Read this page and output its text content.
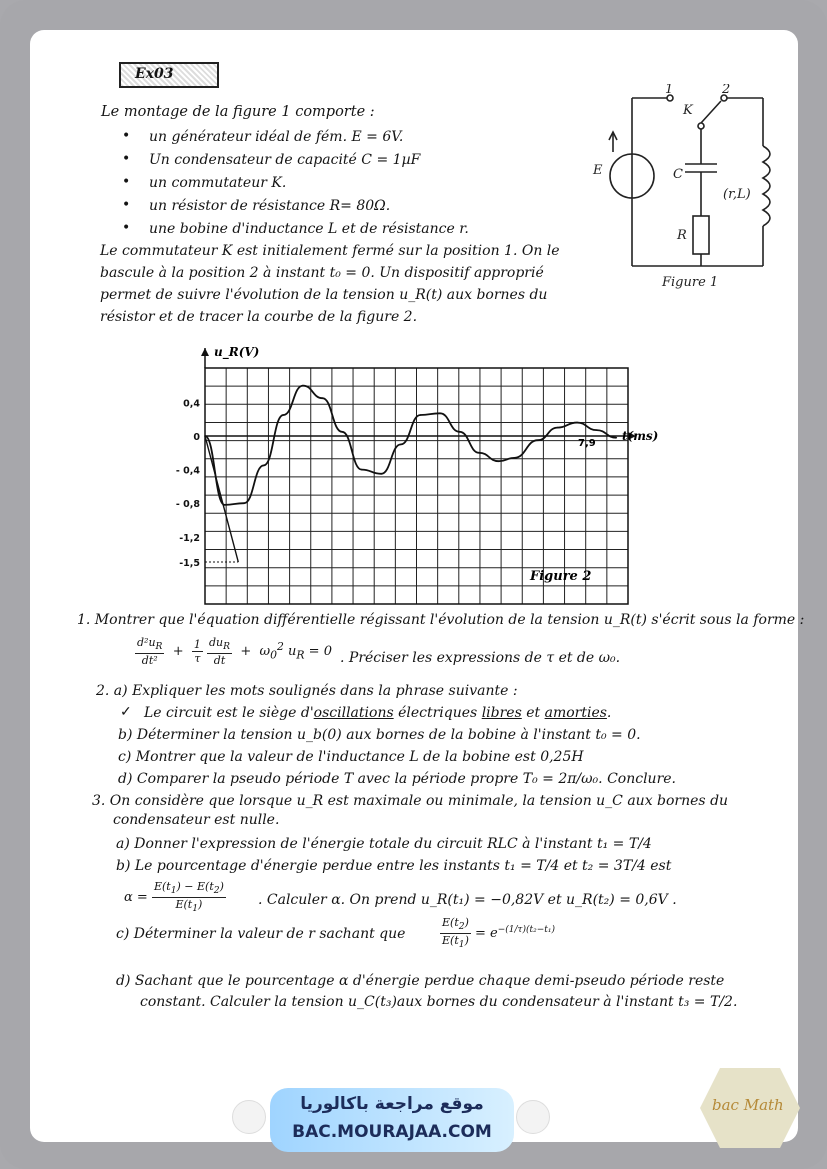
Ex03
Le montage de la figure 1 comporte :
• un générateur idéal de fém. E = 6V.
• Un condensateur de capacité C = 1µF
• un commutateur K.
• un résistor de résistance R= 80Ω.
• une bobine d'inductance L et de résistance r.
Le commutateur K est initialement fermé sur la position 1. On le
bascule à la position 2 à instant t₀ = 0. Un dispositif approprié
permet de suivre l'évolution de la tension u_R(t) aux bornes du
résistor et de tracer la courbe de la figure 2.
1	2
K
E	C
(r,L)
R
Figure 1
0,4
0
- 0,4
- 0,8
-1,2
-1,5
u_R(V)
t(ms)
7,9
Figure 2
1. Montrer que l'équation différentielle régissant l'évolution de la tension u_R(t) s'écrit sous la forme :
$\frac{d^2u_R}{\text{dt²}} + \frac{1}{\tau}$
$\frac{du_R}{dt} + \omega_0^2$ $u_R = 0$ . Préciser les expressions de τ et de ω₀.
2. a) Expliquer les mots soulignés dans la phrase suivante :
✓ Le circuit est le siège d'oscillations électriques libres et amorties.
b) Déterminer la tension u_b(0) aux bornes de la bobine à l'instant t₀ = 0.
c) Montrer que la valeur de l'inductance L de la bobine est 0,25H
d) Comparer la pseudo période T avec la période propre T₀ = 2π/ω₀. Conclure.
3. On considère que lorsque u_R est maximale ou minimale, la tension u_C aux bornes du
condensateur est nulle.
a) Donner l'expression de l'énergie totale du circuit RLC à l'instant t₁ = T/4
b) Le pourcentage d'énergie perdue entre les instants t₁ = T/4 et t₂ = 3T/4 est
$\alpha = \frac{E(t_1) - E(t_2)}{E(t_1)}$ . Calculer α. On prend u_R(t₁) = −0,82V et u_R(t₂) = 0,6V .
c) Déterminer la valeur de r sachant que	$\frac{E(t_2)}{E(t_1)} = e^{-(1/\tau)(t_2-t_1)}$
d) Sachant que le pourcentage α d'énergie perdue chaque demi-pseudo période reste
constant. Calculer la tension u_C(t₃)aux bornes du condensateur à l'instant t₃ = T/2.
موقع مراجعة باكالوريا
BAC.MOURAJAA.COM
bac Math
